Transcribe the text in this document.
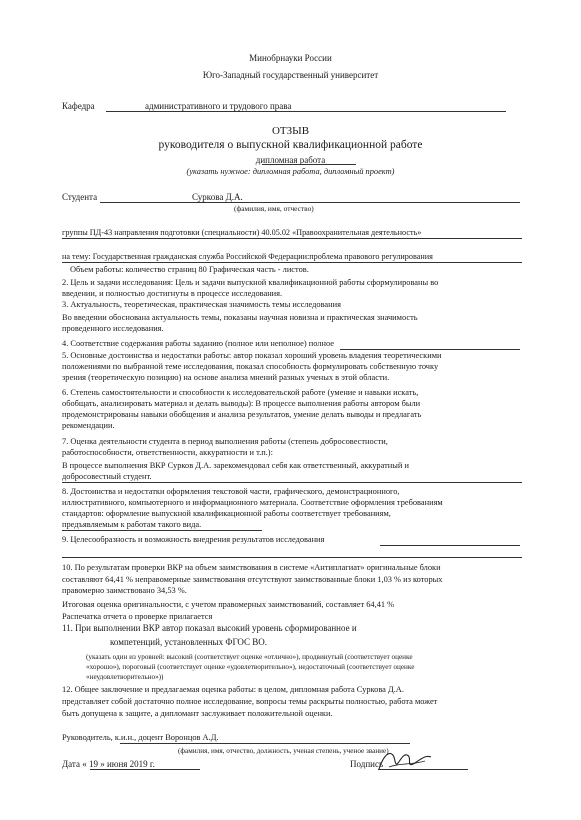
Минобрнауки России
Юго-Западный государственный университет
Кафедра	административного и трудового права
ОТЗЫВ
руководителя о выпускной квалификационной работе
дипломная работа
(указать нужное: дипломная работа, дипломный проект)
Студента	Суркова Д.А.
(фамилия, имя, отчество)
группы ПД-43 направления подготовки (специальности) 40.05.02 «Правоохранительная деятельность»
на тему: Государственная гражданская служба Российской Федерации:проблема правового регулирования
Объем работы: количество страниц 80 Графическая часть - листов.
2. Цель и задачи исследования: Цель и задачи выпускной квалификационной работы сформулированы во
введении, и полностью достигнуты в процессе исследования.
3. Актуальность, теоретическая, практическая значимость темы исследования
Во введении обоснована актуальность темы, показаны научная новизна и практическая значимость
проведенного исследования.
4. Соответствие содержания работы заданию (полное или неполное) полное
5. Основные достоинства и недостатки работы: автор показал хороший уровень владения теоретическими
положениями по выбранной теме исследования, показал способность формулировать собственную точку
зрения (теоретическую позицию) на основе анализа мнений разных ученых в этой области.
6. Степень самостоятельности и способности к исследовательской работе (умение и навыки искать,
обобщать, анализировать материал и делать выводы): В процессе выполнения работы автором были
продемонстрированы навыки обобщения и анализа результатов, умение делать выводы и предлагать
рекомендации.
7. Оценка деятельности студента в период выполнения работы (степень добросовестности,
работоспособности, ответственности, аккуратности и т.п.):
В процессе выполнения ВКР Сурков Д.А. зарекомендовал себя как ответственный, аккуратный и
добросовестный студент.
8. Достоинства и недостатки оформления текстовой части, графического, демонстрационного,
иллюстративного, компьютерного и информационного материала. Соответствие оформления требованиям
стандартов: оформление выпускной квалификационной работы соответствует требованиям,
предъявляемым к работам такого вида.
9. Целесообразность и возможность внедрения результатов исследования
10. По результатам проверки ВКР на объем заимствования в системе «Антиплагиат» оригинальные блоки
составляют 64,41 % неправомерные заимствования отсутствуют заимствованные блоки 1,03 % из которых
правомерно заимствовано 34,53 %.
Итоговая оценка оригинальности, с учетом правомерных заимствований, составляет 64,41 %
Распечатка отчета о проверке прилагается
11. При выполнении ВКР автор показал высокий уровень сформированное и
компетенций, установленных ФГОС ВО.
(указать один из уровней: высокий (соответствует оценке «отлично»), продвинутый (соответствует оценке
«хорошо»), пороговый (соответствует оценке «удовлетворительно»), недостаточный (соответствует оценке
«неудовлетворительно»))
12. Общее заключение и предлагаемая оценка работы: в целом, дипломная работа Суркова Д.А.
представляет собой достаточно полное исследование, вопросы темы раскрыты полностью, работа может
быть допущена к защите, а дипломант заслуживает положительной оценки.
Руководитель, к.и.н., доцент Воронцов А.Д.
(фамилия, имя, отчество, должность, ученая степень, ученое звание)
Дата « 19 » июня 2019 г.	Подпись
